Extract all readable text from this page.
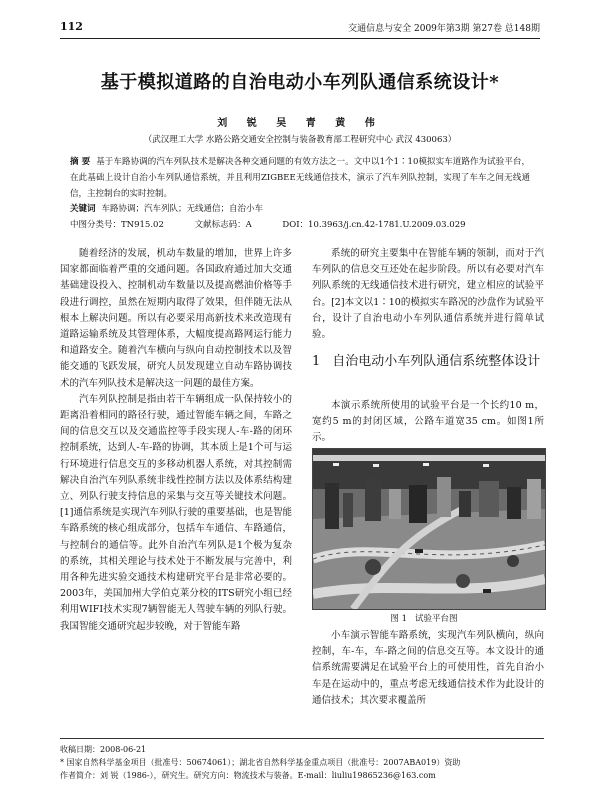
112	交通信息与安全 2009年第3期 第27卷 总148期
基于模拟道路的自治电动小车列队通信系统设计*
刘 锐 吴 青 黄 伟
（武汉理工大学 水路公路交通安全控制与装备教育部工程研究中心 武汉 430063）
摘 要 基于车路协调的汽车列队技术是解决各种交通问题的有效方法之一。文中以1个1∶10模拟实车道路作为试验平台，在此基础上设计自治小车列队通信系统，并且利用ZIGBEE无线通信技术，演示了汽车列队控制，实现了车车之间无线通信，主控制台的实时控制。
关键词 车路协调；汽车列队；无线通信；自治小车
中图分类号：TN915.02	文献标志码：A	DOI：10.3963/j.cn.42-1781.U.2009.03.029

随着经济的发展，机动车数量的增加，世界上许多国家都面临着严重的交通问题。各国政府通过加大交通基础建设投入、控制机动车数量以及提高燃油价格等手段进行调控，虽然在短期内取得了效果，但伴随无法从根本上解决问题。所以有必要采用高新技术来改造现有道路运输系统及其管理体系，大幅度提高路网运行能力和道路安全。随着汽车横向与纵向自动控制技术以及智能交通的飞跃发展，研究人员发现建立自动车路协调技术的汽车列队技术是解决这一问题的最佳方案。

汽车列队控制是指由若干车辆组成一队保持较小的距离沿着相同的路径行驶，通过智能车辆之间，车路之间的信息交互以及交通监控等手段实现人-车-路的闭环控制系统，达到人-车-路的协调，其本质上是1个可与运行环境进行信息交互的多移动机器人系统，对其控制需解决自治汽车列队系统非线性控制方法以及体系结构建立、列队行驶支持信息的采集与交互等关键技术问题。[1]通信系统是实现汽车列队行驶的重要基础，也是智能车路系统的核心组成部分，包括车车通信、车路通信，与控制台的通信等。此外自治汽车列队是1个极为复杂的系统，其相关理论与技术处于不断发展与完善中，利用各种先进实验交通技术构建研究平台是非常必要的。2003年，美国加州大学伯克莱分校的ITS研究小组已经利用WIFI技术实现7辆智能无人驾驶车辆的列队行驶。我国智能交通研究起步较晚，对于智能车路

系统的研究主要集中在智能车辆的领制，而对于汽车列队的信息交互还处在起步阶段。所以有必要对汽车列队系统的无线通信技术进行研究，建立相应的试验平台。[2]本文以1∶10的模拟实车路况的沙盘作为试验平台，设计了自治电动小车列队通信系统并进行简单试验。

1 自治电动小车列队通信系统整体设计

本演示系统所使用的试验平台是一个长约10 m，宽约5 m的封闭区域，公路车道宽35 cm。如图1所示。

图 1 试验平台图

小车演示智能车路系统，实现汽车列队横向，纵向控制，车-车，车-路之间的信息交互等。本文设计的通信系统需要满足在试验平台上的可使用性，首先自治小车是在运动中的，重点考虑无线通信技术作为此设计的通信技术；其次要求覆盖所

收稿日期：2008-06-21
* 国家自然科学基金项目（批准号：50674061）；湖北省自然科学基金重点项目（批准号：2007ABA019）资助
作者简介：刘 锐（1986-），研究生。研究方向：物流技术与装备。E-mail：liuliu19865236@163.com
